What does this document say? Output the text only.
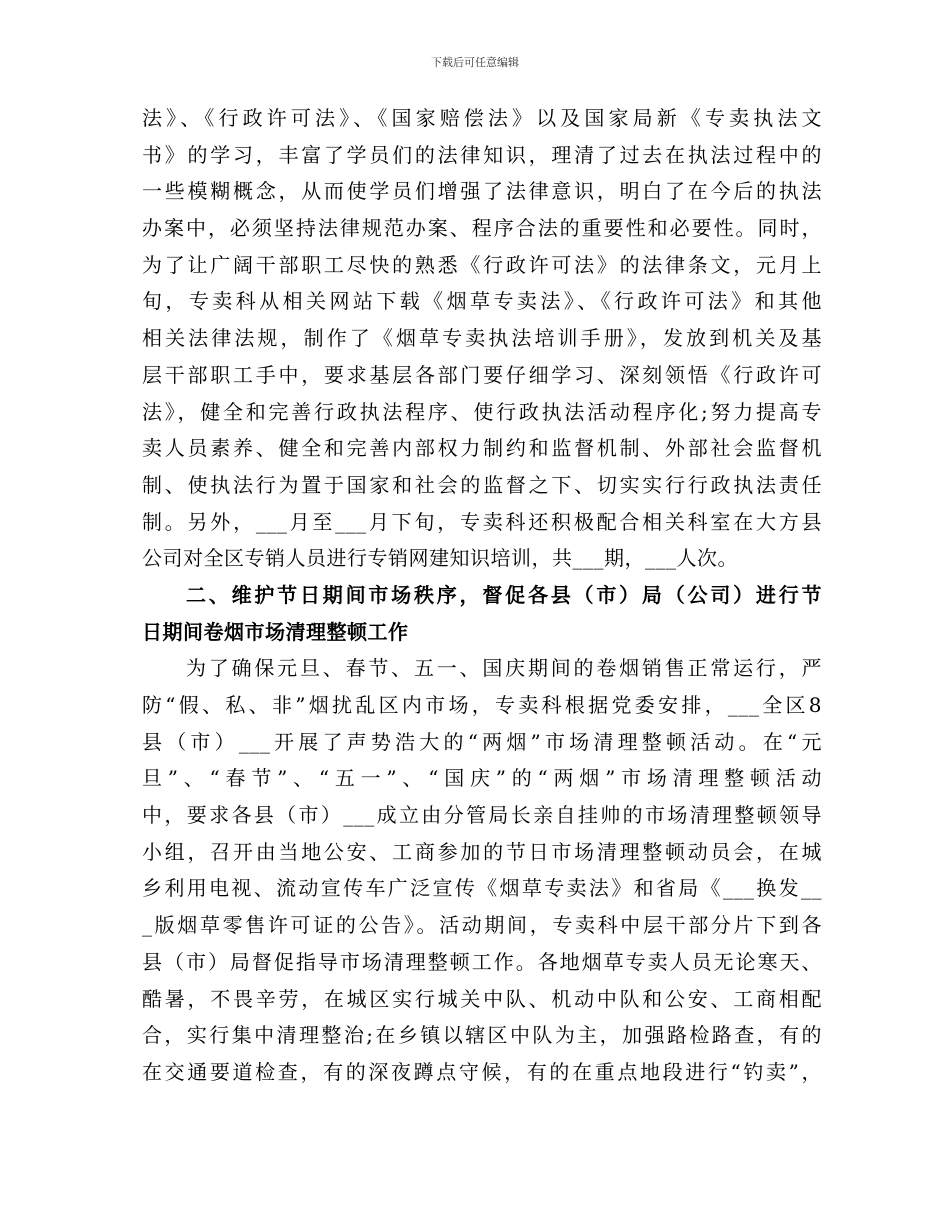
下载后可任意编辑
法》、《行政许可法》、《国家赔偿法》以及国家局新《专卖执法文
书》的学习，丰富了学员们的法律知识，理清了过去在执法过程中的
一些模糊概念，从而使学员们增强了法律意识，明白了在今后的执法
办案中，必须坚持法律规范办案、程序合法的重要性和必要性。同时，
为了让广阔干部职工尽快的熟悉《行政许可法》的法律条文，元月上
旬，专卖科从相关网站下载《烟草专卖法》、《行政许可法》和其他
相关法律法规，制作了《烟草专卖执法培训手册》，发放到机关及基
层干部职工手中，要求基层各部门要仔细学习、深刻领悟《行政许可
法》，健全和完善行政执法程序、使行政执法活动程序化;努力提高专
卖人员素养、健全和完善内部权力制约和监督机制、外部社会监督机
制、使执法行为置于国家和社会的监督之下、切实实行行政执法责任
制。另外，___月至___月下旬，专卖科还积极配合相关科室在大方县
公司对全区专销人员进行专销网建知识培训，共___期，___人次。
二、维护节日期间市场秩序，督促各县（市）局（公司）进行节
日期间卷烟市场清理整顿工作
为了确保元旦、春节、五一、国庆期间的卷烟销售正常运行，严
防“假、私、非”烟扰乱区内市场，专卖科根据党委安排，___全区8
县（市）___开展了声势浩大的“两烟”市场清理整顿活动。在“元
旦”、“春节”、“五一”、“国庆”的“两烟”市场清理整顿活动
中，要求各县（市）___成立由分管局长亲自挂帅的市场清理整顿领导
小组，召开由当地公安、工商参加的节日市场清理整顿动员会，在城
乡利用电视、流动宣传车广泛宣传《烟草专卖法》和省局《___换发__
_版烟草零售许可证的公告》。活动期间，专卖科中层干部分片下到各
县（市）局督促指导市场清理整顿工作。各地烟草专卖人员无论寒天、
酷暑，不畏辛劳，在城区实行城关中队、机动中队和公安、工商相配
合，实行集中清理整治;在乡镇以辖区中队为主，加强路检路查，有的
在交通要道检查，有的深夜蹲点守候，有的在重点地段进行“钓卖”，
